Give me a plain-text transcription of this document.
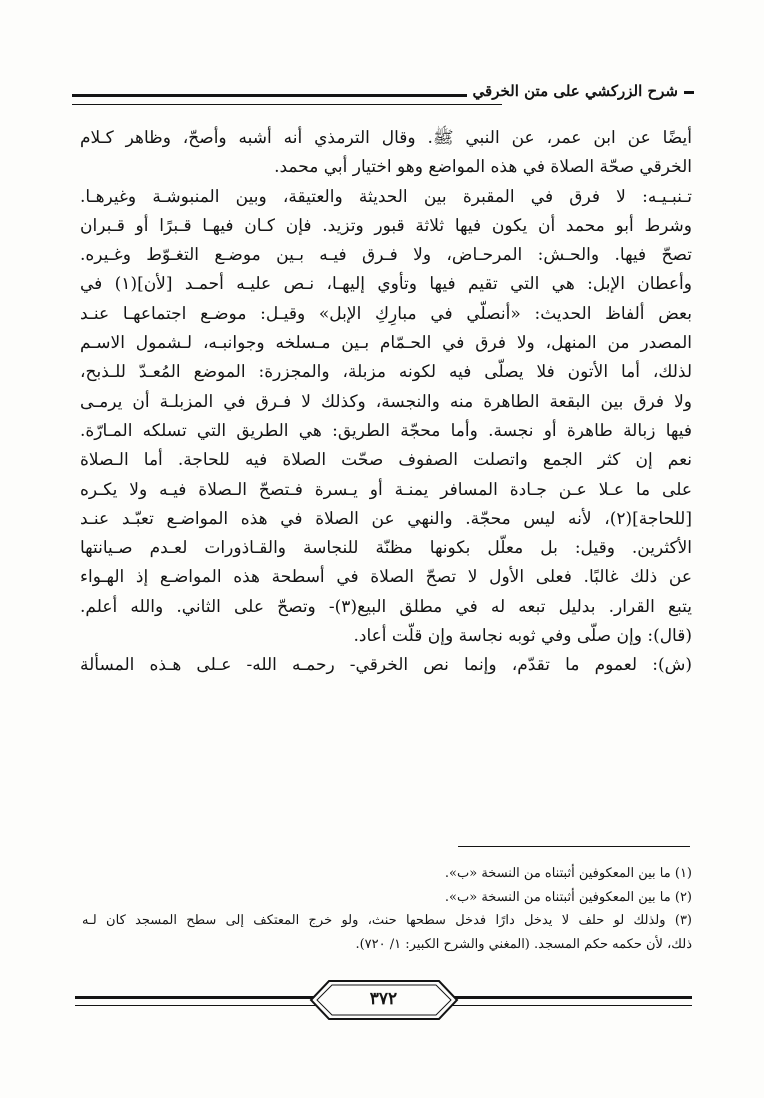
شرح الزركشي على متن الخرقي
أيضًا عن ابن عمر، عن النبي ﷺ. وقال الترمذي أنه أشبه وأصحّ، وظاهر كـلام
الخرقي صحّة الصلاة في هذه المواضع وهو اختيار أبي محمد.
تـنبـيـه: لا فرق في المقبرة بين الحديثة والعتيقة، وبين المنبوشـة وغيرهـا.
وشرط أبو محمد أن يكون فيها ثلاثة قبور وتزيد. فإن كـان فيهـا قـبرًا أو قـبران
تصحّ فيها. والحـش: المرحـاض، ولا فـرق فيـه بـين موضـع التغـوّط وغـيره.
وأعطان الإبل: هي التي تقيم فيها وتأوي إليهـا، نـص عليـه أحمـد [لأن](١) في
بعض ألفاظ الحديث: «أنصلّي في مبارِكِ الإبل» وقيـل: موضـع اجتماعهـا عنـد
المصدر من المنهل، ولا فرق في الحـمّام بـين مـسلخه وجوانبـه، لـشمول الاسـم
لذلك، أما الأتون فلا يصلّى فيه لكونه مزبلة، والمجزرة: الموضع المُعـدّ للـذبح،
ولا فرق بين البقعة الطاهرة منه والنجسة، وكذلك لا فـرق في المزبلـة أن يرمـى
فيها زبالة طاهرة أو نجسة. وأما محجّة الطريق: هي الطريق التي تسلكه المـارّة.
نعم إن كثر الجمع واتصلت الصفوف صحّت الصلاة فيه للحاجة. أما الـصلاة
على ما عـلا عـن جـادة المسافر يمنـة أو يـسرة فـتصحّ الـصلاة فيـه ولا يكـره
[للحاجة](٢)، لأنه ليس محجّة. والنهي عن الصلاة في هذه المواضـع تعبّـد عنـد
الأكثرين. وقيل: بل معلّل بكونها مظنّة للنجاسة والقـاذورات لعـدم صـيانتها
عن ذلك غالبًا. فعلى الأول لا تصحّ الصلاة في أسطحة هذه المواضـع إذ الهـواء
يتبع القرار. بدليل تبعه له في مطلق البيع(٣)- وتصحّ على الثاني. والله أعلم.
(قال): وإن صلّى وفي ثوبه نجاسة وإن قلّت أعاد.
(ش): لعموم ما تقدّم، وإنما نص الخرقي- رحمـه الله- عـلى هـذه المسألة
(١) ما بين المعكوفين أثبتناه من النسخة «ب».
(٢) ما بين المعكوفين أثبتناه من النسخة «ب».
(٣) ولذلك لو حلف لا يدخل دارًا فدخل سطحها حنث، ولو خرج المعتكف إلى سطح المسجد كان لـه
ذلك، لأن حكمه حكم المسجد. (المغني والشرح الكبير: ١/ ٧٢٠).
٣٧٢
